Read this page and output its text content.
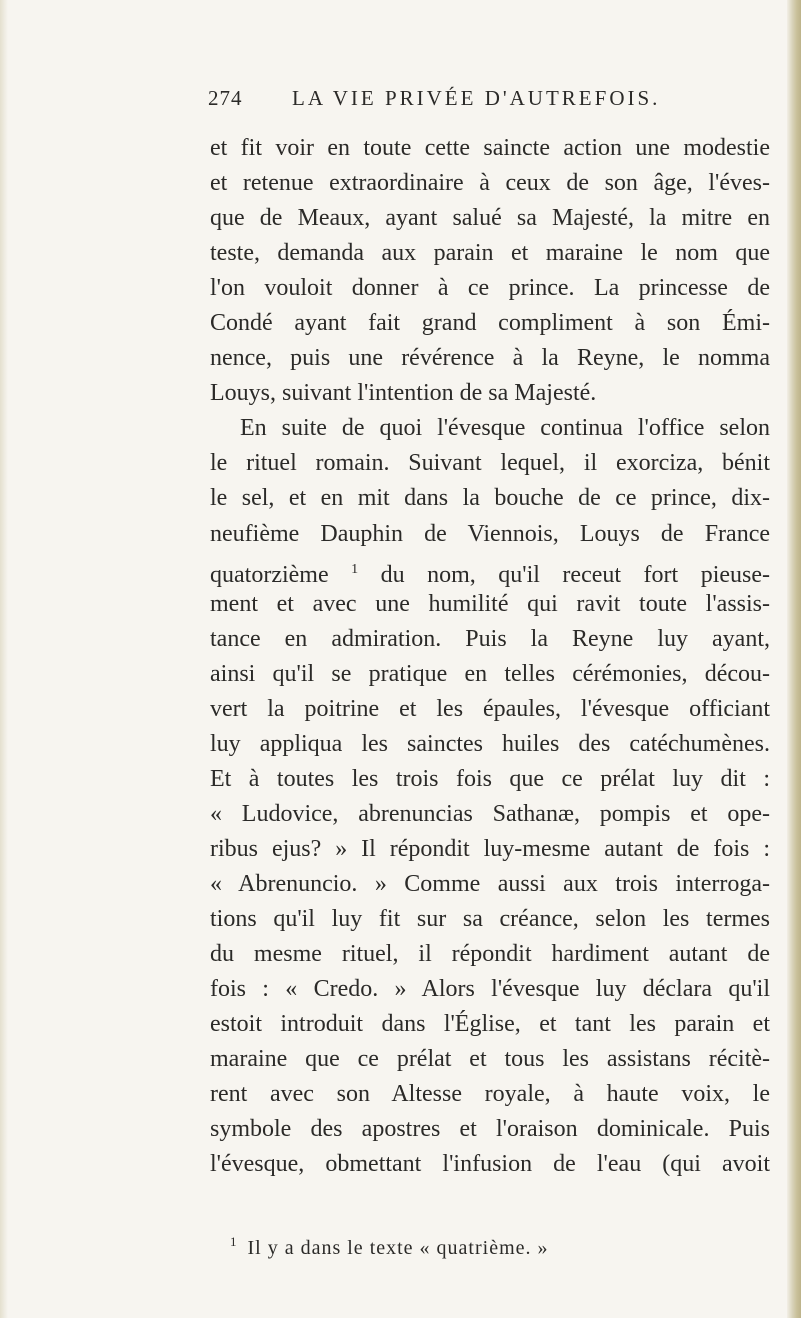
274 LA VIE PRIVÉE D'AUTREFOIS.
et fit voir en toute cette saincte action une modestie
et retenue extraordinaire à ceux de son âge, l'éves-
que de Meaux, ayant salué sa Majesté, la mitre en
teste, demanda aux parain et maraine le nom que
l'on vouloit donner à ce prince. La princesse de
Condé ayant fait grand compliment à son Émi-
nence, puis une révérence à la Reyne, le nomma
Louys, suivant l'intention de sa Majesté.
En suite de quoi l'évesque continua l'office selon
le rituel romain. Suivant lequel, il exorciza, bénit
le sel, et en mit dans la bouche de ce prince, dix-
neufième Dauphin de Viennois, Louys de France
quatorzième $^1$ du nom, qu'il receut fort pieuse-
ment et avec une humilité qui ravit toute l'assis-
tance en admiration. Puis la Reyne luy ayant,
ainsi qu'il se pratique en telles cérémonies, décou-
vert la poitrine et les épaules, l'évesque officiant
luy appliqua les sainctes huiles des catéchumènes.
Et à toutes les trois fois que ce prélat luy dit :
« Ludovice, abrenuncias Sathanæ, pompis et ope-
ribus ejus? » Il répondit luy-mesme autant de fois :
« Abrenuncio. » Comme aussi aux trois interroga-
tions qu'il luy fit sur sa créance, selon les termes
du mesme rituel, il répondit hardiment autant de
fois : « Credo. » Alors l'évesque luy déclara qu'il
estoit introduit dans l'Église, et tant les parain et
maraine que ce prélat et tous les assistans récitè-
rent avec son Altesse royale, à haute voix, le
symbole des apostres et l'oraison dominicale. Puis
l'évesque, obmettant l'infusion de l'eau (qui avoit
$^1$ Il y a dans le texte « quatrième. »
